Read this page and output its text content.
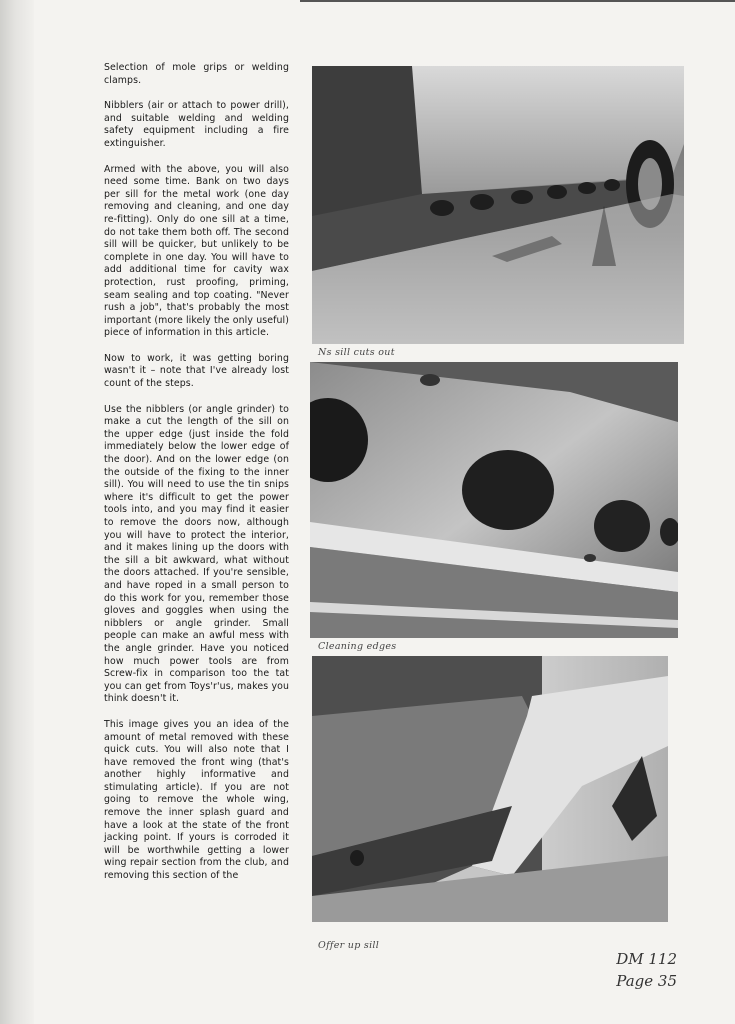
Selection of mole grips or welding clamps.

Nibblers (air or attach to power drill), and suitable welding and welding safety equipment including a fire extinguisher.

Armed with the above, you will also need some time. Bank on two days per sill for the metal work (one day removing and cleaning, and one day re-fitting). Only do one sill at a time, do not take them both off. The second sill will be quicker, but unlikely to be complete in one day. You will have to add additional time for cavity wax protection, rust proofing, priming, seam sealing and top coating. "Never rush a job", that's probably the most important (more likely the only useful) piece of information in this article.

Now to work, it was getting boring wasn't it – note that I've already lost count of the steps.

Use the nibblers (or angle grinder) to make a cut the length of the sill on the upper edge (just inside the fold immediately below the lower edge of the door). And on the lower edge (on the outside of the fixing to the inner sill). You will need to use the tin snips where it's difficult to get the power tools into, and you may find it easier to remove the doors now, although you will have to protect the interior, and it makes lining up the doors with the sill a bit awkward, what without the doors attached. If you're sensible, and have roped in a small person to do this work for you, remember those gloves and goggles when using the nibblers or angle grinder. Small people can make an awful mess with the angle grinder. Have you noticed how much power tools are from Screw-fix in comparison too the tat you can get from Toys'r'us, makes you think doesn't it.

This image gives you an idea of the amount of metal removed with these quick cuts. You will also note that I have removed the front wing (that's another highly informative and stimulating article). If you are not going to remove the whole wing, remove the inner splash guard and have a look at the state of the front jacking point. If yours is corroded it will be worthwhile getting a lower wing repair section from the club, and removing this section of the

Ns sill cuts out
Cleaning edges
Offer up sill
DM 112
Page 35
